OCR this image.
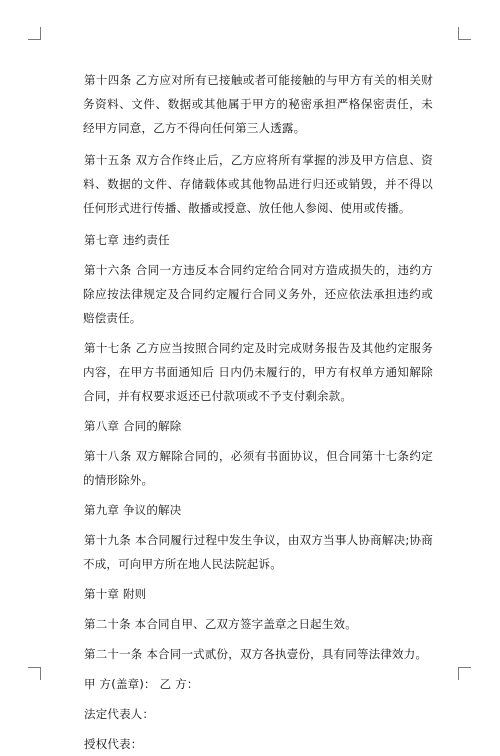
第十四条 乙方应对所有已接触或者可能接触的与甲方有关的相关财务资料、文件、数据或其他属于甲方的秘密承担严格保密责任，未经甲方同意，乙方不得向任何第三人透露。

第十五条 双方合作终止后，乙方应将所有掌握的涉及甲方信息、资料、数据的文件、存储载体或其他物品进行归还或销毁，并不得以任何形式进行传播、散播或授意、放任他人参阅、使用或传播。

第七章 违约责任

第十六条 合同一方违反本合同约定给合同对方造成损失的，违约方除应按法律规定及合同约定履行合同义务外，还应依法承担违约或赔偿责任。

第十七条 乙方应当按照合同约定及时完成财务报告及其他约定服务内容，在甲方书面通知后 日内仍未履行的，甲方有权单方通知解除合同，并有权要求返还已付款项或不予支付剩余款。

第八章 合同的解除

第十八条 双方解除合同的，必须有书面协议，但合同第十七条约定的情形除外。

第九章 争议的解决

第十九条 本合同履行过程中发生争议，由双方当事人协商解决;协商不成，可向甲方所在地人民法院起诉。

第十章 附则

第二十条 本合同自甲、乙双方签字盖章之日起生效。

第二十一条 本合同一式贰份，双方各执壹份，具有同等法律效力。

甲 方(盖章)： 乙 方：

法定代表人：

授权代表：
